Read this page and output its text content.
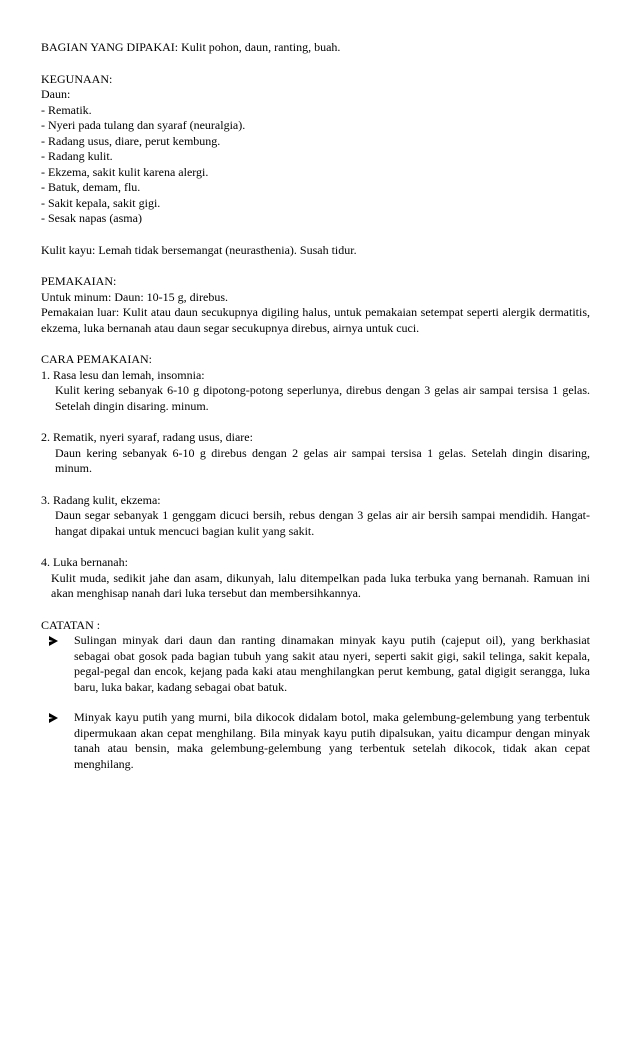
BAGIAN YANG DIPAKAI: Kulit pohon, daun, ranting, buah.

KEGUNAAN:

Daun:

- Rematik.

- Nyeri pada tulang dan syaraf (neuralgia).

- Radang usus, diare, perut kembung.

- Radang kulit.

- Ekzema, sakit kulit karena alergi.

- Batuk, demam, flu.

- Sakit kepala, sakit gigi.

- Sesak napas (asma)

Kulit kayu: Lemah tidak bersemangat (neurasthenia). Susah tidur.

PEMAKAIAN:

Untuk minum: Daun: 10-15 g, direbus.

Pemakaian luar: Kulit atau daun secukupnya digiling halus, untuk pemakaian setempat seperti alergik dermatitis, ekzema, luka bernanah atau daun segar secukupnya direbus, airnya untuk cuci.

CARA PEMAKAIAN:

1. Rasa lesu dan lemah, insomnia:

Kulit kering sebanyak 6-10 g dipotong-potong seperlunya, direbus dengan 3 gelas air sampai tersisa 1 gelas. Setelah dingin disaring. minum.

2. Rematik, nyeri syaraf, radang usus, diare:

Daun kering sebanyak 6-10 g direbus dengan 2 gelas air sampai tersisa 1 gelas. Setelah dingin disaring, minum.

3. Radang kulit, ekzema:

Daun segar sebanyak 1 genggam dicuci bersih, rebus dengan 3 gelas air air bersih sampai mendidih. Hangat-hangat dipakai untuk mencuci bagian kulit yang sakit.

4. Luka bernanah:

Kulit muda, sedikit jahe dan asam, dikunyah, lalu ditempelkan pada luka terbuka yang bernanah. Ramuan ini akan menghisap nanah dari luka tersebut dan membersihkannya.

CATATAN :

Sulingan minyak dari daun dan ranting dinamakan minyak kayu putih (cajeput oil), yang berkhasiat sebagai obat gosok pada bagian tubuh yang sakit atau nyeri, seperti sakit gigi, sakil telinga, sakit kepala, pegal-pegal dan encok, kejang pada kaki atau menghilangkan perut kembung, gatal digigit serangga, luka baru, luka bakar, kadang sebagai obat batuk.
Minyak kayu putih yang murni, bila dikocok didalam botol, maka gelembung-gelembung yang terbentuk dipermukaan akan cepat menghilang. Bila minyak kayu putih dipalsukan, yaitu dicampur dengan minyak tanah atau bensin, maka gelembung-gelembung yang terbentuk setelah dikocok, tidak akan cepat menghilang.
